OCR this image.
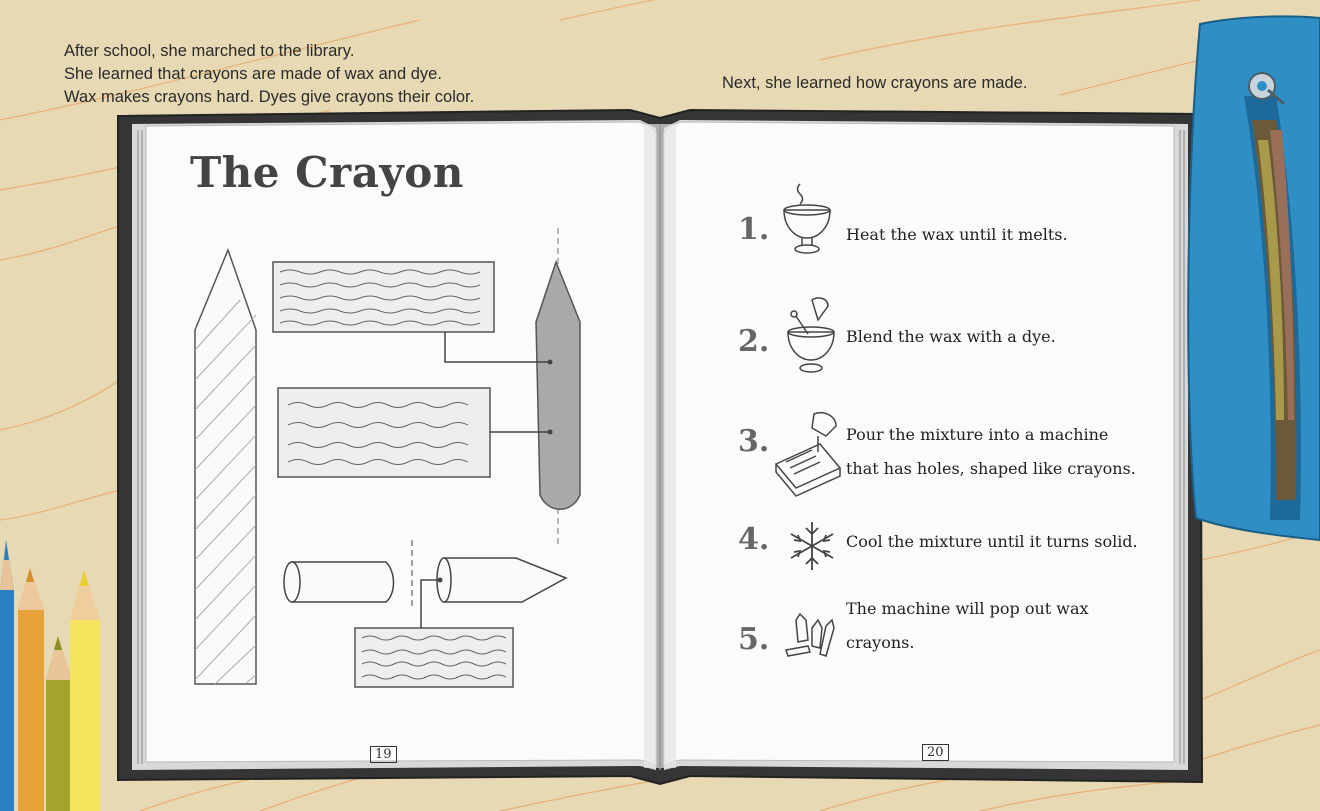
After school, she marched to the library.
She learned that crayons are made of wax and dye.
Wax makes crayons hard. Dyes give crayons their color.
Next, she learned how crayons are made.
The Crayon
19	20
1.	Heat the wax until it melts.
2.	Blend the wax with a dye.
3.	Pour the mixture into a machine that has holes, shaped like crayons.
4.	Cool the mixture until it turns solid.
5.
The machine will pop out wax crayons.
